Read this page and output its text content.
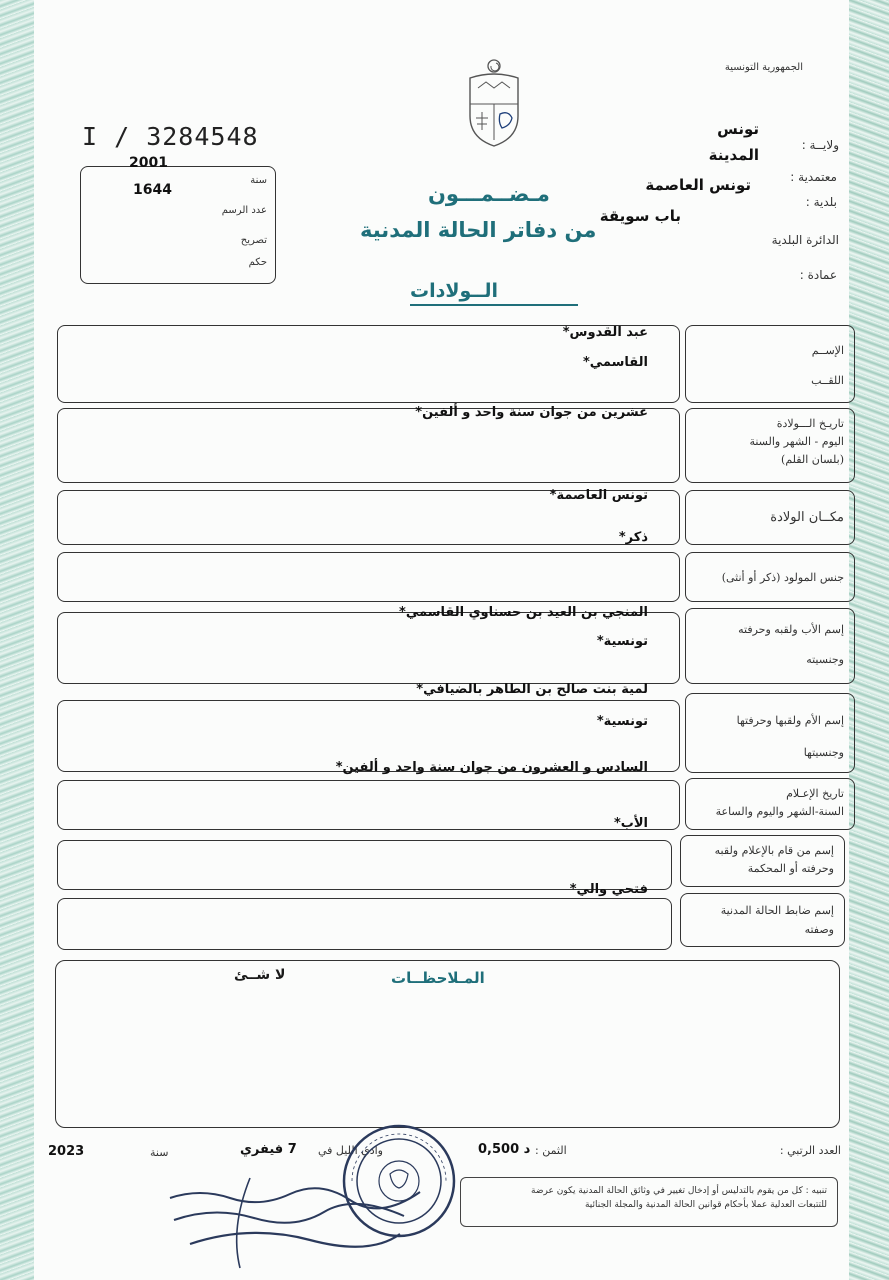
الجمهورية التونسية
I / 3284548
سنة
عدد الرسم
تصريح
حكم
2001
1644
ولايــة :
تونس
معتمدية :
المدينة
بلدية :
تونس العاصمة
باب سويقة
الدائرة البلدية
عمادة :
مـضــمـــون
من دفاتر الحالة المدنية
الــولادات
الإســم
اللقــب
عبد القدوس*
القاسمي*
تاريـخ الـــولادة
اليوم - الشهر والسنة
(بلسان القلم)
عشرين من جوان سنة واحد و ألفين*
مكــان الولادة
تونس العاصمة*
جنس المولود (ذكر أو أنثى)
ذكر*
إسم الأب ولقبه وحرفته
وجنسيته
المنجي بن العيد بن حسناوي القاسمي*
تونسية*
إسم الأم ولقبها وحرفتها
وجنسيتها
لمية بنت صالح بن الطاهر بالضيافي*
تونسية*
تاريخ الإعـلام
السنة-الشهر واليوم والساعة
السادس و العشرون من جوان سنة واحد و ألفين*
إسم من قام بالإعلام ولقبه
وحرفته أو المحكمة
الأب*
إسم ضابط الحالة المدنية
وصفته
فتحي والي*
المـلاحظــات
لا شــئ
العدد الرتبي :
الثمن :
0,500 د
وادي الليل في
7 فيفري
سنة
2023
تنبيه : كل من يقوم بالتدليس أو إدخال تغيير في وثائق الحالة المدنية يكون عرضة
للتتبعات العدلية عملا بأحكام قوانين الحالة المدنية والمجلة الجنائية
